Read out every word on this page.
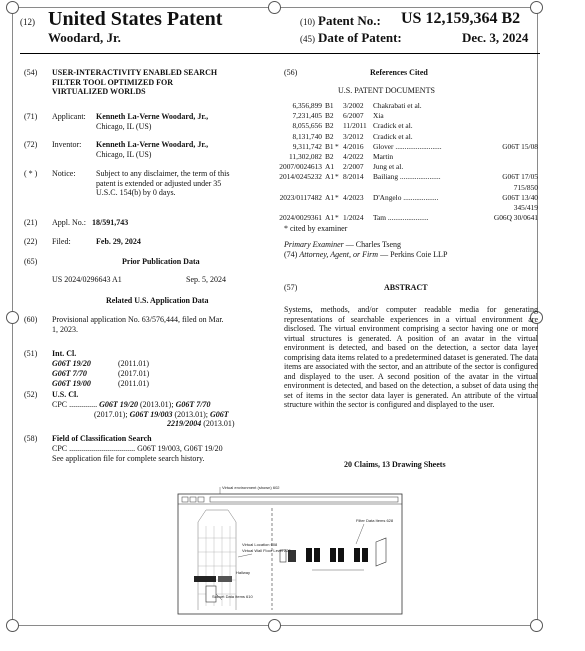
(12) United States Patent
Woodard, Jr.
(10) Patent No.: US 12,159,364 B2
(45) Date of Patent:	Dec. 3, 2024
(54) USER-INTERACTIVITY ENABLED SEARCH
FILTER TOOL OPTIMIZED FOR
VIRTUALIZED WORLDS
(71) Applicant: Kenneth La-Verne Woodard, Jr.,
Chicago, IL (US)
(72) Inventor: Kenneth La-Verne Woodard, Jr.,
Chicago, IL (US)
( * ) Notice:	Subject to any disclaimer, the term of this
patent is extended or adjusted under 35
U.S.C. 154(b) by 0 days.
(21) Appl. No.: 18/591,743
(22) Filed:	Feb. 29, 2024
(65)	Prior Publication Data
US 2024/0296643 A1	Sep. 5, 2024
Related U.S. Application Data
(60) Provisional application No. 63/576,444, filed on Mar.
1, 2023.
(51) Int. Cl.
G06T 19/20	(2011.01)
G06T 7/70	(2017.01)
G06T 19/00	(2011.01)
(52) U.S. Cl.
CPC .............. G06T 19/20 (2013.01); G06T 7/70
(2017.01); G06T 19/003 (2013.01); G06T
2219/2004 (2013.01)
(58) Field of Classification Search
CPC ................................. G06T 19/003, G06T 19/20
See application file for complete search history.
(56)	References Cited
U.S. PATENT DOCUMENTS
6,356,899 B1 3/2002 Chakrabati et al.
7,231,405 B2 6/2007 Xia
8,055,656 B2 11/2011 Cradick et al.
8,131,740 B2 3/2012 Cradick et al.
9,311,742 B1 * 4/2016 Glover .........................	G06T 15/08
11,302,082 B2 4/2022 Martin
2007/0024613 A1 2/2007 Jung et al.
2014/0245232 A1 * 8/2014 Bailiang ......................	G06T 17/05
715/850
2023/0117482 A1 * 4/2023 D'Angelo ...................	G06T 13/40
345/419
2024/0029361 A1 * 1/2024 Tam ......................	G06Q 30/0641
* cited by examiner
Primary Examiner — Charles Tseng
(74) Attorney, Agent, or Firm — Perkins Coie LLP
(57)	ABSTRACT
Systems, methods, and/or computer readable media for generating representations of searchable experiences in a virtual environment are disclosed. The virtual environment comprising a sector having one or more virtual structures is generated. A position of an avatar in the virtual environment is detected, and based on the detection, a sector data layer comprising data items related to a predetermined dataset is generated. The data items are associated with the sector, and an attribute of the sector is configured and displayed to the user. A second position of the avatar in the virtual environment is detected, and based on the detection, a subset of data using the set of items in the sector data layer is generated. An attribute of the virtual structure within the sector is configured and displayed to the user.
20 Claims, 13 Drawing Sheets
Virtual environment (shown) 602
Virtual Location 608
Virtual Wall Floor Level 220
Hallway
Subset Data Items 610
Filter Data Items 628
